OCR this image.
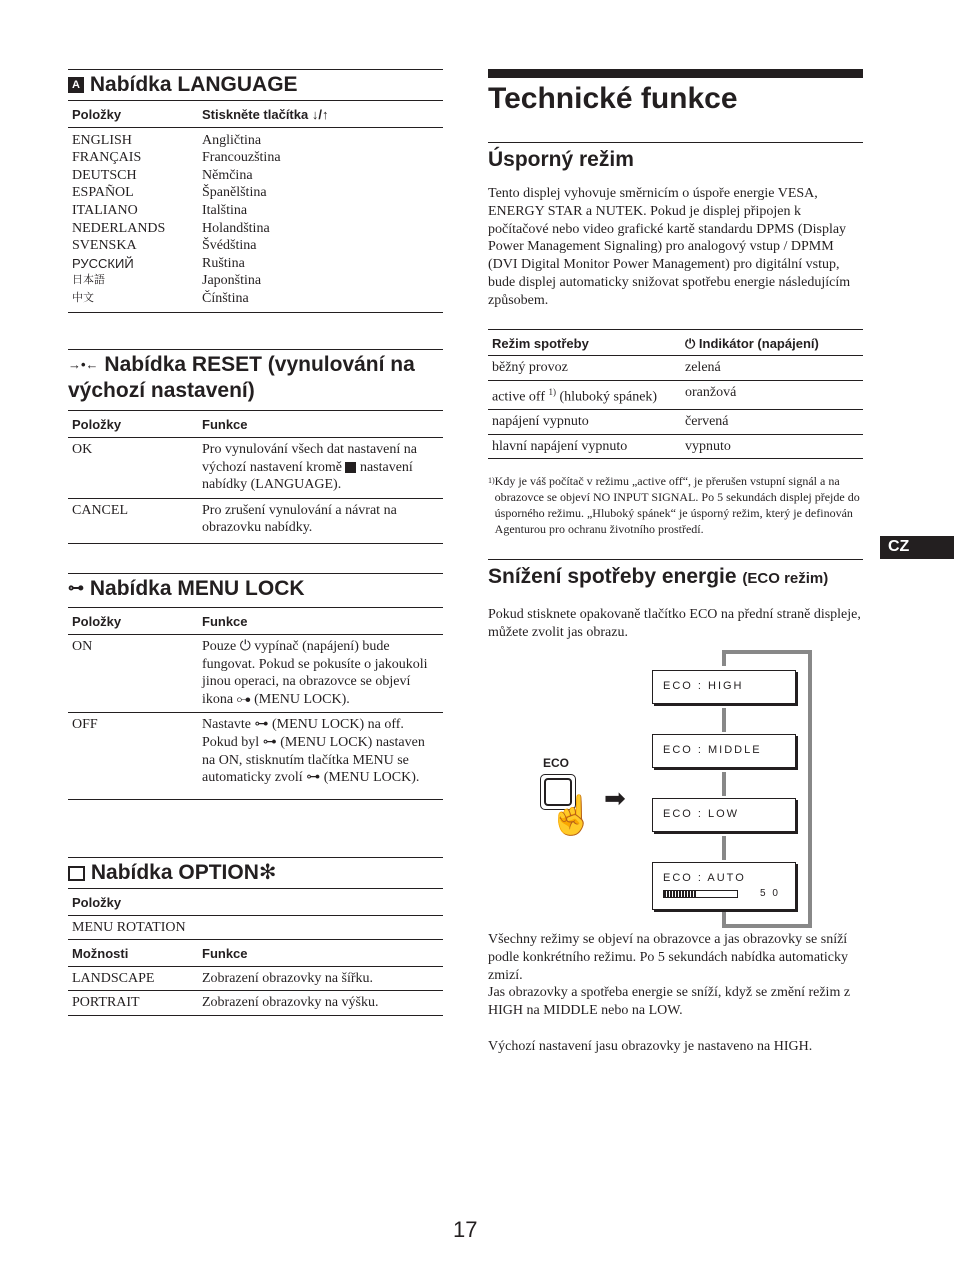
A Nabídka LANGUAGE
Položky	Stiskněte tlačítka ↓/↑
ENGLISH	Angličtina
FRANÇAIS	Francouzština
DEUTSCH	Němčina
ESPAÑOL	Španělština
ITALIANO	Italština
NEDERLANDS	Holandština
SVENSKA	Švédština
РУССКИЙ	Ruština
日本語	Japonština
中文	Čínština
→•← Nabídka RESET (vynulování na výchozí nastavení)
Položky	Funkce
OK	Pro vynulování všech dat nastavení na výchozí nastavení kromě nastavení nabídky (LANGUAGE).
CANCEL	Pro zrušení vynulování a návrat na obrazovku nabídky.
⊶ Nabídka MENU LOCK
Položky	Funkce
ON	Pouze ⏻ vypínač (napájení) bude fungovat. Pokud se pokusíte o jakoukoli jinou operaci, na obrazovce se objeví ikona ⊶ (MENU LOCK).
OFF	Nastavte ⊶ (MENU LOCK) na off. Pokud byl ⊶ (MENU LOCK) nastaven na ON, stisknutím tlačítka MENU se automaticky zvolí ⊶ (MENU LOCK).
Nabídka OPTION✻
Položky	
MENU ROTATION	
Možnosti	Funkce
LANDSCAPE	Zobrazení obrazovky na šířku.
PORTRAIT	Zobrazení obrazovky na výšku.
Technické funkce
Úsporný režim

Tento displej vyhovuje směrnicím o úspoře energie VESA, ENERGY STAR a NUTEK. Pokud je displej připojen k počítačové nebo video grafické kartě standardu DPMS (Display Power Management Signaling) pro analogový vstup / DPMM (DVI Digital Monitor Power Management) pro digitální vstup, bude displej automaticky snižovat spotřebu energie následujícím způsobem.

Režim spotřeby	⏻ Indikátor (napájení)
běžný provoz	zelená
active off $^{1)}$ (hluboký spánek)	oranžová
napájení vypnuto	červená
hlavní napájení vypnuto	vypnuto
1) Kdy je váš počítač v režimu „active off“, je přerušen vstupní signál a na obrazovce se objeví NO INPUT SIGNAL. Po 5 sekundách displej přejde do úsporného režimu. „Hluboký spánek“ je úsporný režim, který je definován Agenturou pro ochranu životního prostředí.
Snížení spotřeby energie (ECO režim)

Pokud stisknete opakovaně tlačítko ECO na přední straně displeje, můžete zvolit jas obrazu.

ECO : HIGH
ECO : MIDDLE
ECO : LOW
ECO : AUTO
5 0
ECO
☝ ➡

Všechny režimy se objeví na obrazovce a jas obrazovky se sníží podle konkrétního režimu. Po 5 sekundách nabídka automaticky zmizí.

Jas obrazovky a spotřeba energie se sníží, když se změní režim z HIGH na MIDDLE nebo na LOW.

Výchozí nastavení jasu obrazovky je nastaveno na HIGH.

CZ
17
